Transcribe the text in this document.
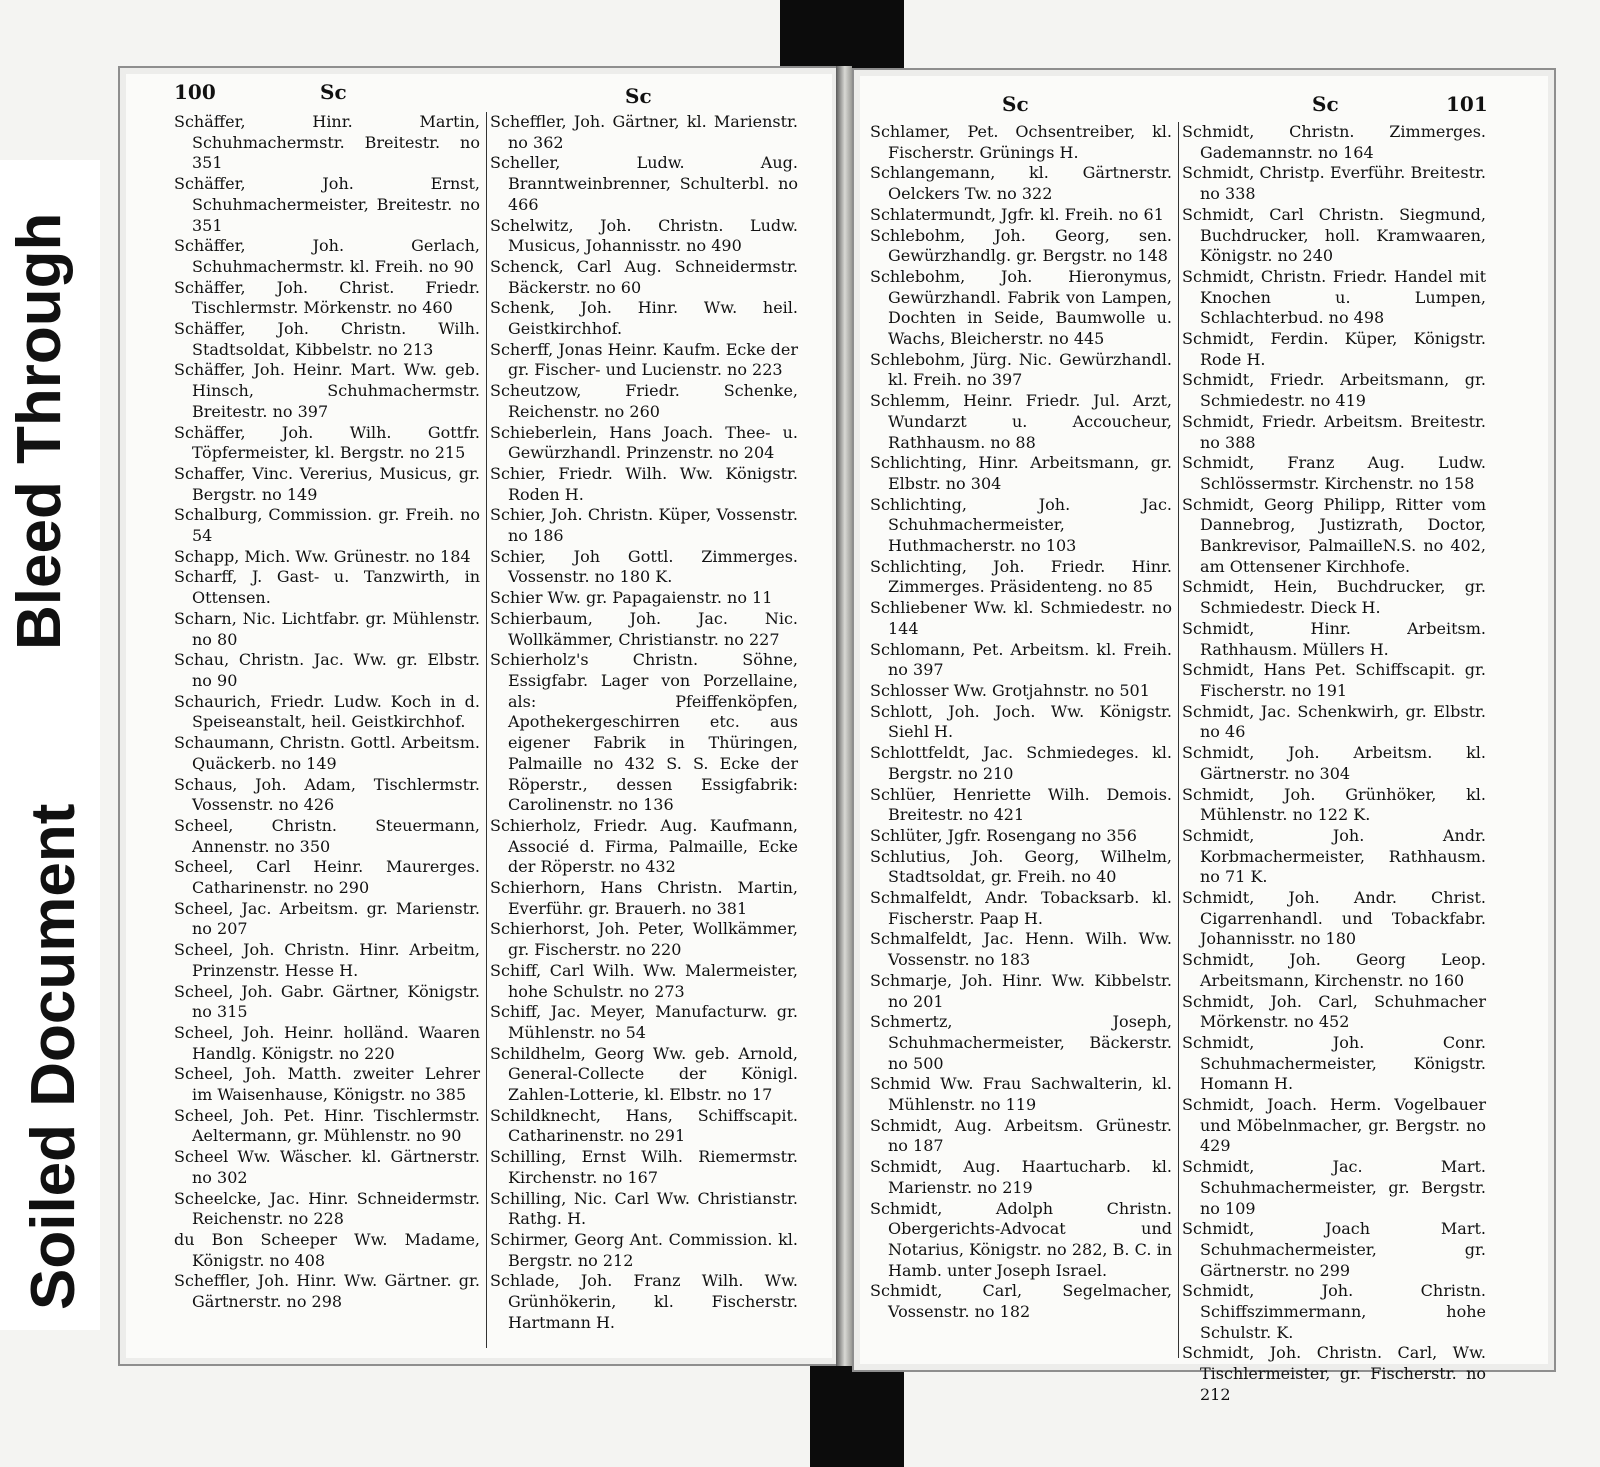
Bleed Through
Soiled Document
100	Sc	Sc

Schäffer, Hinr. Martin, Schuhmachermstr. Breitestr. no 351

Schäffer, Joh. Ernst, Schuhmachermeister, Breitestr. no 351

Schäffer, Joh. Gerlach, Schuhmachermstr. kl. Freih. no 90

Schäffer, Joh. Christ. Friedr. Tischlermstr. Mörkenstr. no 460

Schäffer, Joh. Christn. Wilh. Stadtsoldat, Kibbelstr. no 213

Schäffer, Joh. Heinr. Mart. Ww. geb. Hinsch, Schuhmachermstr. Breitestr. no 397

Schäffer, Joh. Wilh. Gottfr. Töpfermeister, kl. Bergstr. no 215

Schaffer, Vinc. Vererius, Musicus, gr. Bergstr. no 149

Schalburg, Commission. gr. Freih. no 54

Schapp, Mich. Ww. Grünestr. no 184

Scharff, J. Gast- u. Tanzwirth, in Ottensen.

Scharn, Nic. Lichtfabr. gr. Mühlenstr. no 80

Schau, Christn. Jac. Ww. gr. Elbstr. no 90

Schaurich, Friedr. Ludw. Koch in d. Speiseanstalt, heil. Geistkirchhof.

Schaumann, Christn. Gottl. Arbeitsm. Quäckerb. no 149

Schaus, Joh. Adam, Tischlermstr. Vossenstr. no 426

Scheel, Christn. Steuermann, Annenstr. no 350

Scheel, Carl Heinr. Maurerges. Catharinenstr. no 290

Scheel, Jac. Arbeitsm. gr. Marienstr. no 207

Scheel, Joh. Christn. Hinr. Arbeitm, Prinzenstr. Hesse H.

Scheel, Joh. Gabr. Gärtner, Königstr. no 315

Scheel, Joh. Heinr. holländ. Waaren Handlg. Königstr. no 220

Scheel, Joh. Matth. zweiter Lehrer im Waisenhause, Königstr. no 385

Scheel, Joh. Pet. Hinr. Tischlermstr. Aeltermann, gr. Mühlenstr. no 90

Scheel Ww. Wäscher. kl. Gärtnerstr. no 302

Scheelcke, Jac. Hinr. Schneidermstr. Reichenstr. no 228

du Bon Scheeper Ww. Madame, Königstr. no 408

Scheffler, Joh. Hinr. Ww. Gärtner. gr. Gärtnerstr. no 298

Scheffler, Joh. Gärtner, kl. Marienstr. no 362

Scheller, Ludw. Aug. Branntweinbrenner, Schulterbl. no 466

Schelwitz, Joh. Christn. Ludw. Musicus, Johannisstr. no 490

Schenck, Carl Aug. Schneidermstr. Bäckerstr. no 60

Schenk, Joh. Hinr. Ww. heil. Geistkirchhof.

Scherff, Jonas Heinr. Kaufm. Ecke der gr. Fischer- und Lucienstr. no 223

Scheutzow, Friedr. Schenke, Reichenstr. no 260

Schieberlein, Hans Joach. Thee- u. Gewürzhandl. Prinzenstr. no 204

Schier, Friedr. Wilh. Ww. Königstr. Roden H.

Schier, Joh. Christn. Küper, Vossenstr. no 186

Schier, Joh Gottl. Zimmerges. Vossenstr. no 180 K.

Schier Ww. gr. Papagaienstr. no 11

Schierbaum, Joh. Jac. Nic. Wollkämmer, Christianstr. no 227

Schierholz's Christn. Söhne, Essigfabr. Lager von Porzellaine, als: Pfeiffenköpfen, Apothekergeschirren etc. aus eigener Fabrik in Thüringen, Palmaille no 432 S. S. Ecke der Röperstr., dessen Essigfabrik: Carolinenstr. no 136

Schierholz, Friedr. Aug. Kaufmann, Associé d. Firma, Palmaille, Ecke der Röperstr. no 432

Schierhorn, Hans Christn. Martin, Everführ. gr. Brauerh. no 381

Schierhorst, Joh. Peter, Wollkämmer, gr. Fischerstr. no 220

Schiff, Carl Wilh. Ww. Malermeister, hohe Schulstr. no 273

Schiff, Jac. Meyer, Manufacturw. gr. Mühlenstr. no 54

Schildhelm, Georg Ww. geb. Arnold, General-Collecte der Königl. Zahlen-Lotterie, kl. Elbstr. no 17

Schildknecht, Hans, Schiffscapit. Catharinenstr. no 291

Schilling, Ernst Wilh. Riemermstr. Kirchenstr. no 167

Schilling, Nic. Carl Ww. Christianstr. Rathg. H.

Schirmer, Georg Ant. Commission. kl. Bergstr. no 212

Schlade, Joh. Franz Wilh. Ww. Grünhökerin, kl. Fischerstr. Hartmann H.

Sc	Sc	101

Schlamer, Pet. Ochsentreiber, kl. Fischerstr. Grünings H.

Schlangemann, kl. Gärtnerstr. Oelckers Tw. no 322

Schlatermundt, Jgfr. kl. Freih. no 61

Schlebohm, Joh. Georg, sen. Gewürzhandlg. gr. Bergstr. no 148

Schlebohm, Joh. Hieronymus, Gewürzhandl. Fabrik von Lampen, Dochten in Seide, Baumwolle u. Wachs, Bleicherstr. no 445

Schlebohm, Jürg. Nic. Gewürzhandl. kl. Freih. no 397

Schlemm, Heinr. Friedr. Jul. Arzt, Wundarzt u. Accoucheur, Rathhausm. no 88

Schlichting, Hinr. Arbeitsmann, gr. Elbstr. no 304

Schlichting, Joh. Jac. Schuhmachermeister, Huthmacherstr. no 103

Schlichting, Joh. Friedr. Hinr. Zimmerges. Präsidenteng. no 85

Schliebener Ww. kl. Schmiedestr. no 144

Schlomann, Pet. Arbeitsm. kl. Freih. no 397

Schlosser Ww. Grotjahnstr. no 501

Schlott, Joh. Joch. Ww. Königstr. Siehl H.

Schlottfeldt, Jac. Schmiedeges. kl. Bergstr. no 210

Schlüer, Henriette Wilh. Demois. Breitestr. no 421

Schlüter, Jgfr. Rosengang no 356

Schlutius, Joh. Georg, Wilhelm, Stadtsoldat, gr. Freih. no 40

Schmalfeldt, Andr. Tobacksarb. kl. Fischerstr. Paap H.

Schmalfeldt, Jac. Henn. Wilh. Ww. Vossenstr. no 183

Schmarje, Joh. Hinr. Ww. Kibbelstr. no 201

Schmertz, Joseph, Schuhmachermeister, Bäckerstr. no 500

Schmid Ww. Frau Sachwalterin, kl. Mühlenstr. no 119

Schmidt, Aug. Arbeitsm. Grünestr. no 187

Schmidt, Aug. Haartucharb. kl. Marienstr. no 219

Schmidt, Adolph Christn. Obergerichts-Advocat und Notarius, Königstr. no 282, B. C. in Hamb. unter Joseph Israel.

Schmidt, Carl, Segelmacher, Vossenstr. no 182

Schmidt, Christn. Zimmerges. Gademannstr. no 164

Schmidt, Christp. Everführ. Breitestr. no 338

Schmidt, Carl Christn. Siegmund, Buchdrucker, holl. Kramwaaren, Königstr. no 240

Schmidt, Christn. Friedr. Handel mit Knochen u. Lumpen, Schlachterbud. no 498

Schmidt, Ferdin. Küper, Königstr. Rode H.

Schmidt, Friedr. Arbeitsmann, gr. Schmiedestr. no 419

Schmidt, Friedr. Arbeitsm. Breitestr. no 388

Schmidt, Franz Aug. Ludw. Schlössermstr. Kirchenstr. no 158

Schmidt, Georg Philipp, Ritter vom Dannebrog, Justizrath, Doctor, Bankrevisor, PalmailleN.S. no 402, am Ottensener Kirchhofe.

Schmidt, Hein, Buchdrucker, gr. Schmiedestr. Dieck H.

Schmidt, Hinr. Arbeitsm. Rathhausm. Müllers H.

Schmidt, Hans Pet. Schiffscapit. gr. Fischerstr. no 191

Schmidt, Jac. Schenkwirh, gr. Elbstr. no 46

Schmidt, Joh. Arbeitsm. kl. Gärtnerstr. no 304

Schmidt, Joh. Grünhöker, kl. Mühlenstr. no 122 K.

Schmidt, Joh. Andr. Korbmachermeister, Rathhausm. no 71 K.

Schmidt, Joh. Andr. Christ. Cigarrenhandl. und Tobackfabr. Johannisstr. no 180

Schmidt, Joh. Georg Leop. Arbeitsmann, Kirchenstr. no 160

Schmidt, Joh. Carl, Schuhmacher Mörkenstr. no 452

Schmidt, Joh. Conr. Schuhmachermeister, Königstr. Homann H.

Schmidt, Joach. Herm. Vogelbauer und Möbelnmacher, gr. Bergstr. no 429

Schmidt, Jac. Mart. Schuhmachermeister, gr. Bergstr. no 109

Schmidt, Joach Mart. Schuhmachermeister, gr. Gärtnerstr. no 299

Schmidt, Joh. Christn. Schiffszimmermann, hohe Schulstr. K.

Schmidt, Joh. Christn. Carl, Ww. Tischlermeister, gr. Fischerstr. no 212
